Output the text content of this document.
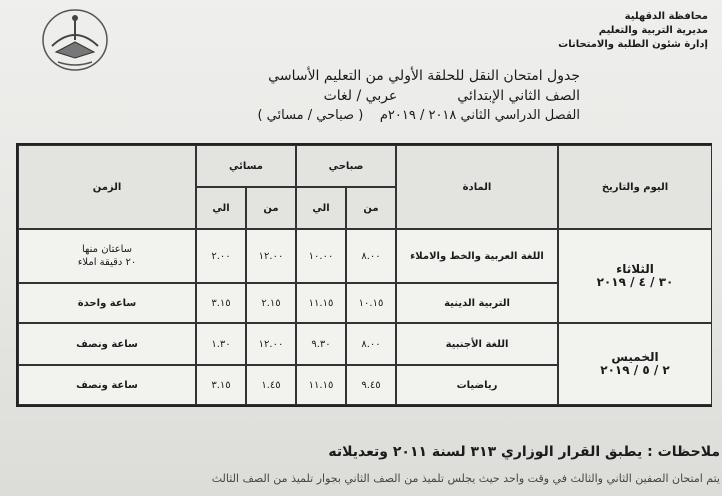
محافظة الدقهلية
مديرية التربية والتعليم
إدارة شئون الطلبة والامتحانات
جدول امتحان النقل للحلقة الأولي من التعليم الأساسي
الصف الثاني الإبتدائي
عربي / لغات
الفصل الدراسي الثاني ٢٠١٨ / ٢٠١٩م    ( صباحي / مسائي )
اليوم والتاريخ
المادة
صباحي
مسائي
من
الي
من
الي
الزمن
الثلاثاء
٣٠ / ٤ / ٢٠١٩
الخميس
٢ / ٥ / ٢٠١٩
اللغة العربية والخط والاملاء
٨.٠٠
١٠.٠٠
١٢.٠٠
٢.٠٠
ساعتان منها
٢٠ دقيقة املاء
التربية الدينية
١٠.١٥
١١.١٥
٢.١٥
٣.١٥
ساعة واحدة
اللغة الأجنبية
٨.٠٠
٩.٣٠
١٢.٠٠
١.٣٠
ساعة ونصف
رياضيات
٩.٤٥
١١.١٥
١.٤٥
٣.١٥
ساعة ونصف
ملاحظات : يطبق القرار الوزاري ٣١٣ لسنة ٢٠١١ وتعديلاته
يتم امتحان الصفين الثاني والثالث في وقت واحد حيث يجلس تلميذ من الصف الثاني بجوار تلميذ من الصف الثالث
